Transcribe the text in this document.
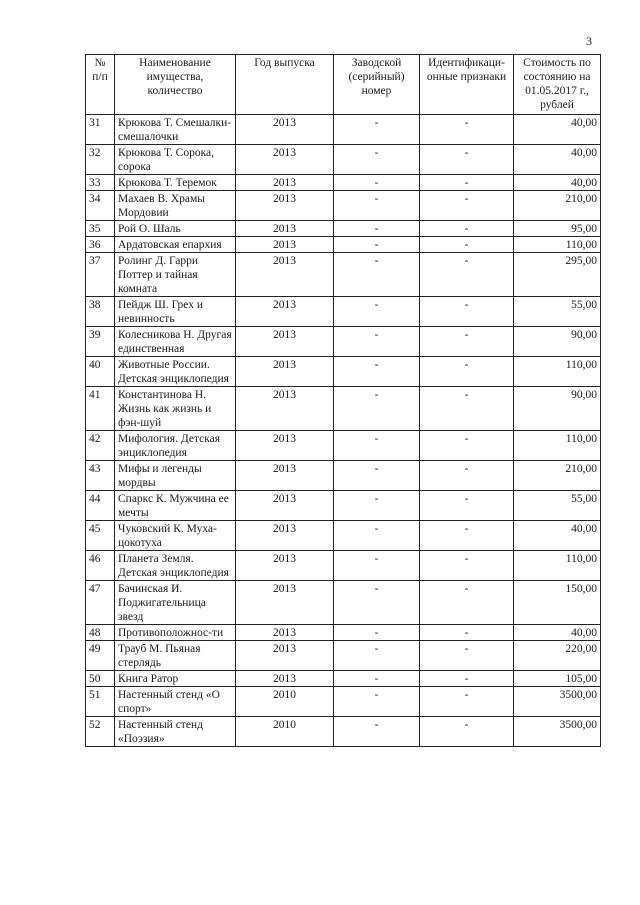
3
№ п/п	Наименование имущества, количество	Год выпуска	Заводской (серийный) номер	Идентификаци-онные признаки	Стоимость по состоянию на 01.05.2017 г., рублей
31	Крюкова Т. Смешалки-смешалочки	2013	-	-	40,00
32	Крюкова Т. Сорока, сорока	2013	-	-	40,00
33	Крюкова Т. Теремок	2013	-	-	40,00
34	Махаев В. Храмы Мордовии	2013	-	-	210,00
35	Рой О. Шаль	2013	-	-	95,00
36	Ардатовская епархия	2013	-	-	110,00
37	Ролинг Д. Гарри Поттер и тайная комната	2013	-	-	295,00
38	Пейдж Ш. Грех и невинность	2013	-	-	55,00
39	Колесникова Н. Другая единственная	2013	-	-	90,00
40	Животные России. Детская энциклопедия	2013	-	-	110,00
41	Константинова Н. Жизнь как жизнь и фэн-шуй	2013	-	-	90,00
42	Мифология. Детская энциклопедия	2013	-	-	110,00
43	Мифы и легенды мордвы	2013	-	-	210,00
44	Спаркс К. Мужчина ее мечты	2013	-	-	55,00
45	Чуковский К. Муха-цокотуха	2013	-	-	40,00
46	Планета Земля. Детская энциклопедия	2013	-	-	110,00
47	Бачинская И. Поджигательница звезд	2013	-	-	150,00
48	Противоположнос-ти	2013	-	-	40,00
49	Трауб М. Пьяная стерлядь	2013	-	-	220,00
50	Книга Ратор	2013	-	-	105,00
51	Настенный стенд «О спорт»	2010	-	-	3500,00
52	Настенный стенд «Поэзия»	2010	-	-	3500,00
